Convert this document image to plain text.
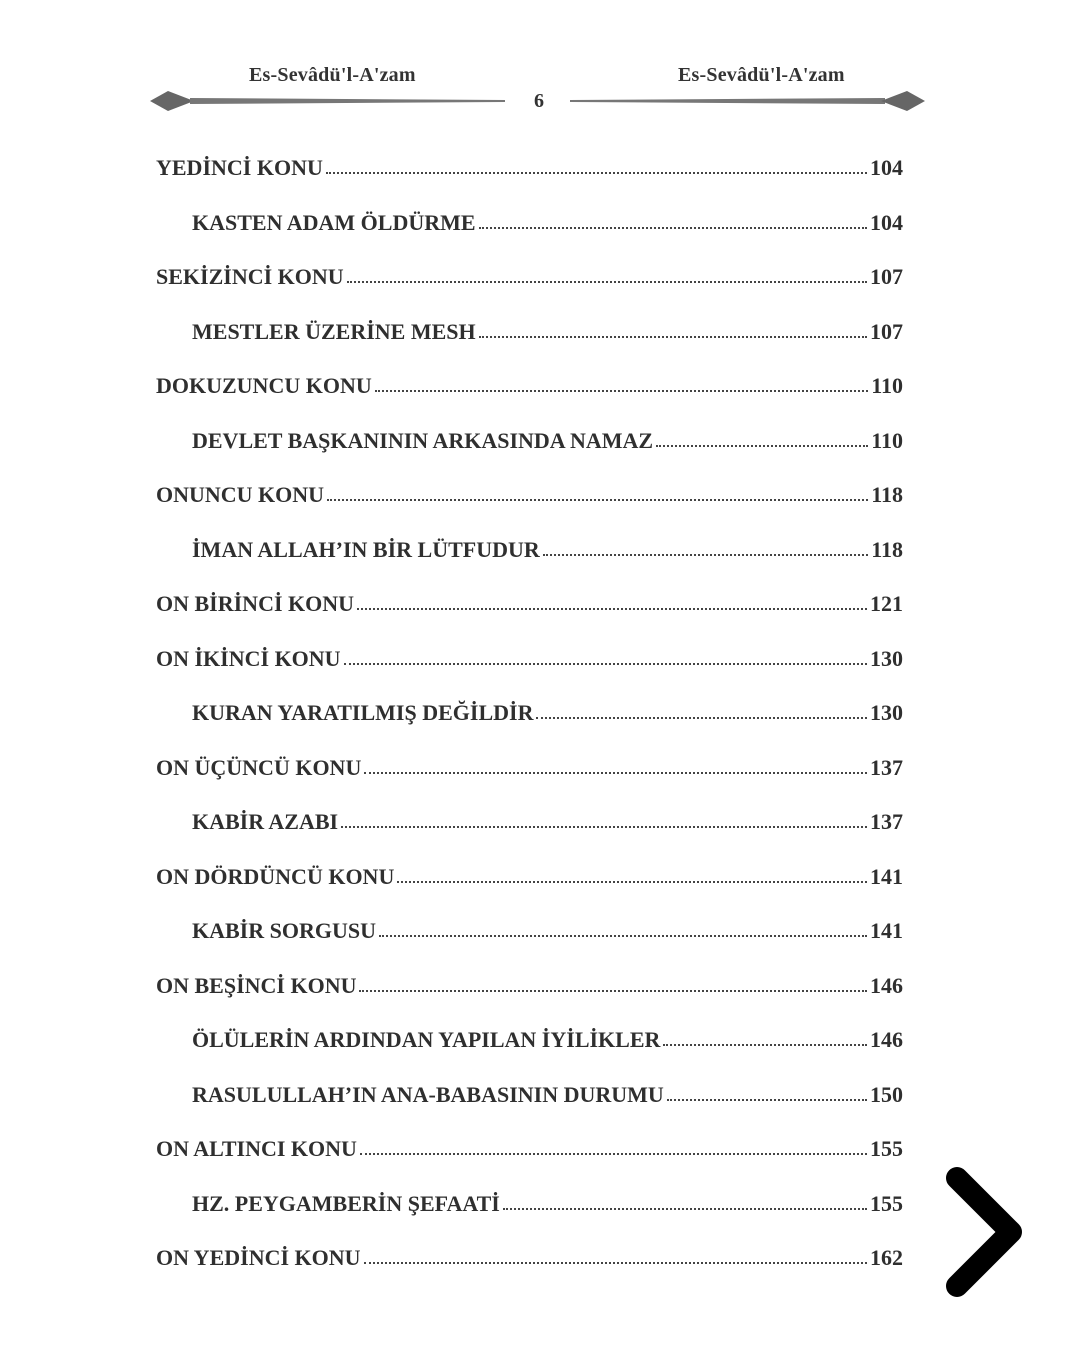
Es-Sevâdü'l-A'zam	Es-Sevâdü'l-A'zam
6
YEDİNCİ KONU	104
KASTEN ADAM ÖLDÜRME	104
SEKİZİNCİ KONU	107
MESTLER ÜZERİNE MESH	107
DOKUZUNCU KONU	110
DEVLET BAŞKANININ ARKASINDA NAMAZ	110
ONUNCU KONU	118
İMAN ALLAH’IN BİR LÜTFUDUR	118
ON BİRİNCİ KONU	121
ON İKİNCİ KONU	130
KURAN YARATILMIŞ DEĞİLDİR	130
ON ÜÇÜNCÜ KONU	137
KABİR AZABI	137
ON DÖRDÜNCÜ KONU	141
KABİR SORGUSU	141
ON BEŞİNCİ KONU	146
ÖLÜLERİN ARDINDAN YAPILAN İYİLİKLER	146
RASULULLAH’IN ANA-BABASININ DURUMU	150
ON ALTINCI KONU	155
HZ. PEYGAMBERİN ŞEFAATİ	155
ON YEDİNCİ KONU	162
